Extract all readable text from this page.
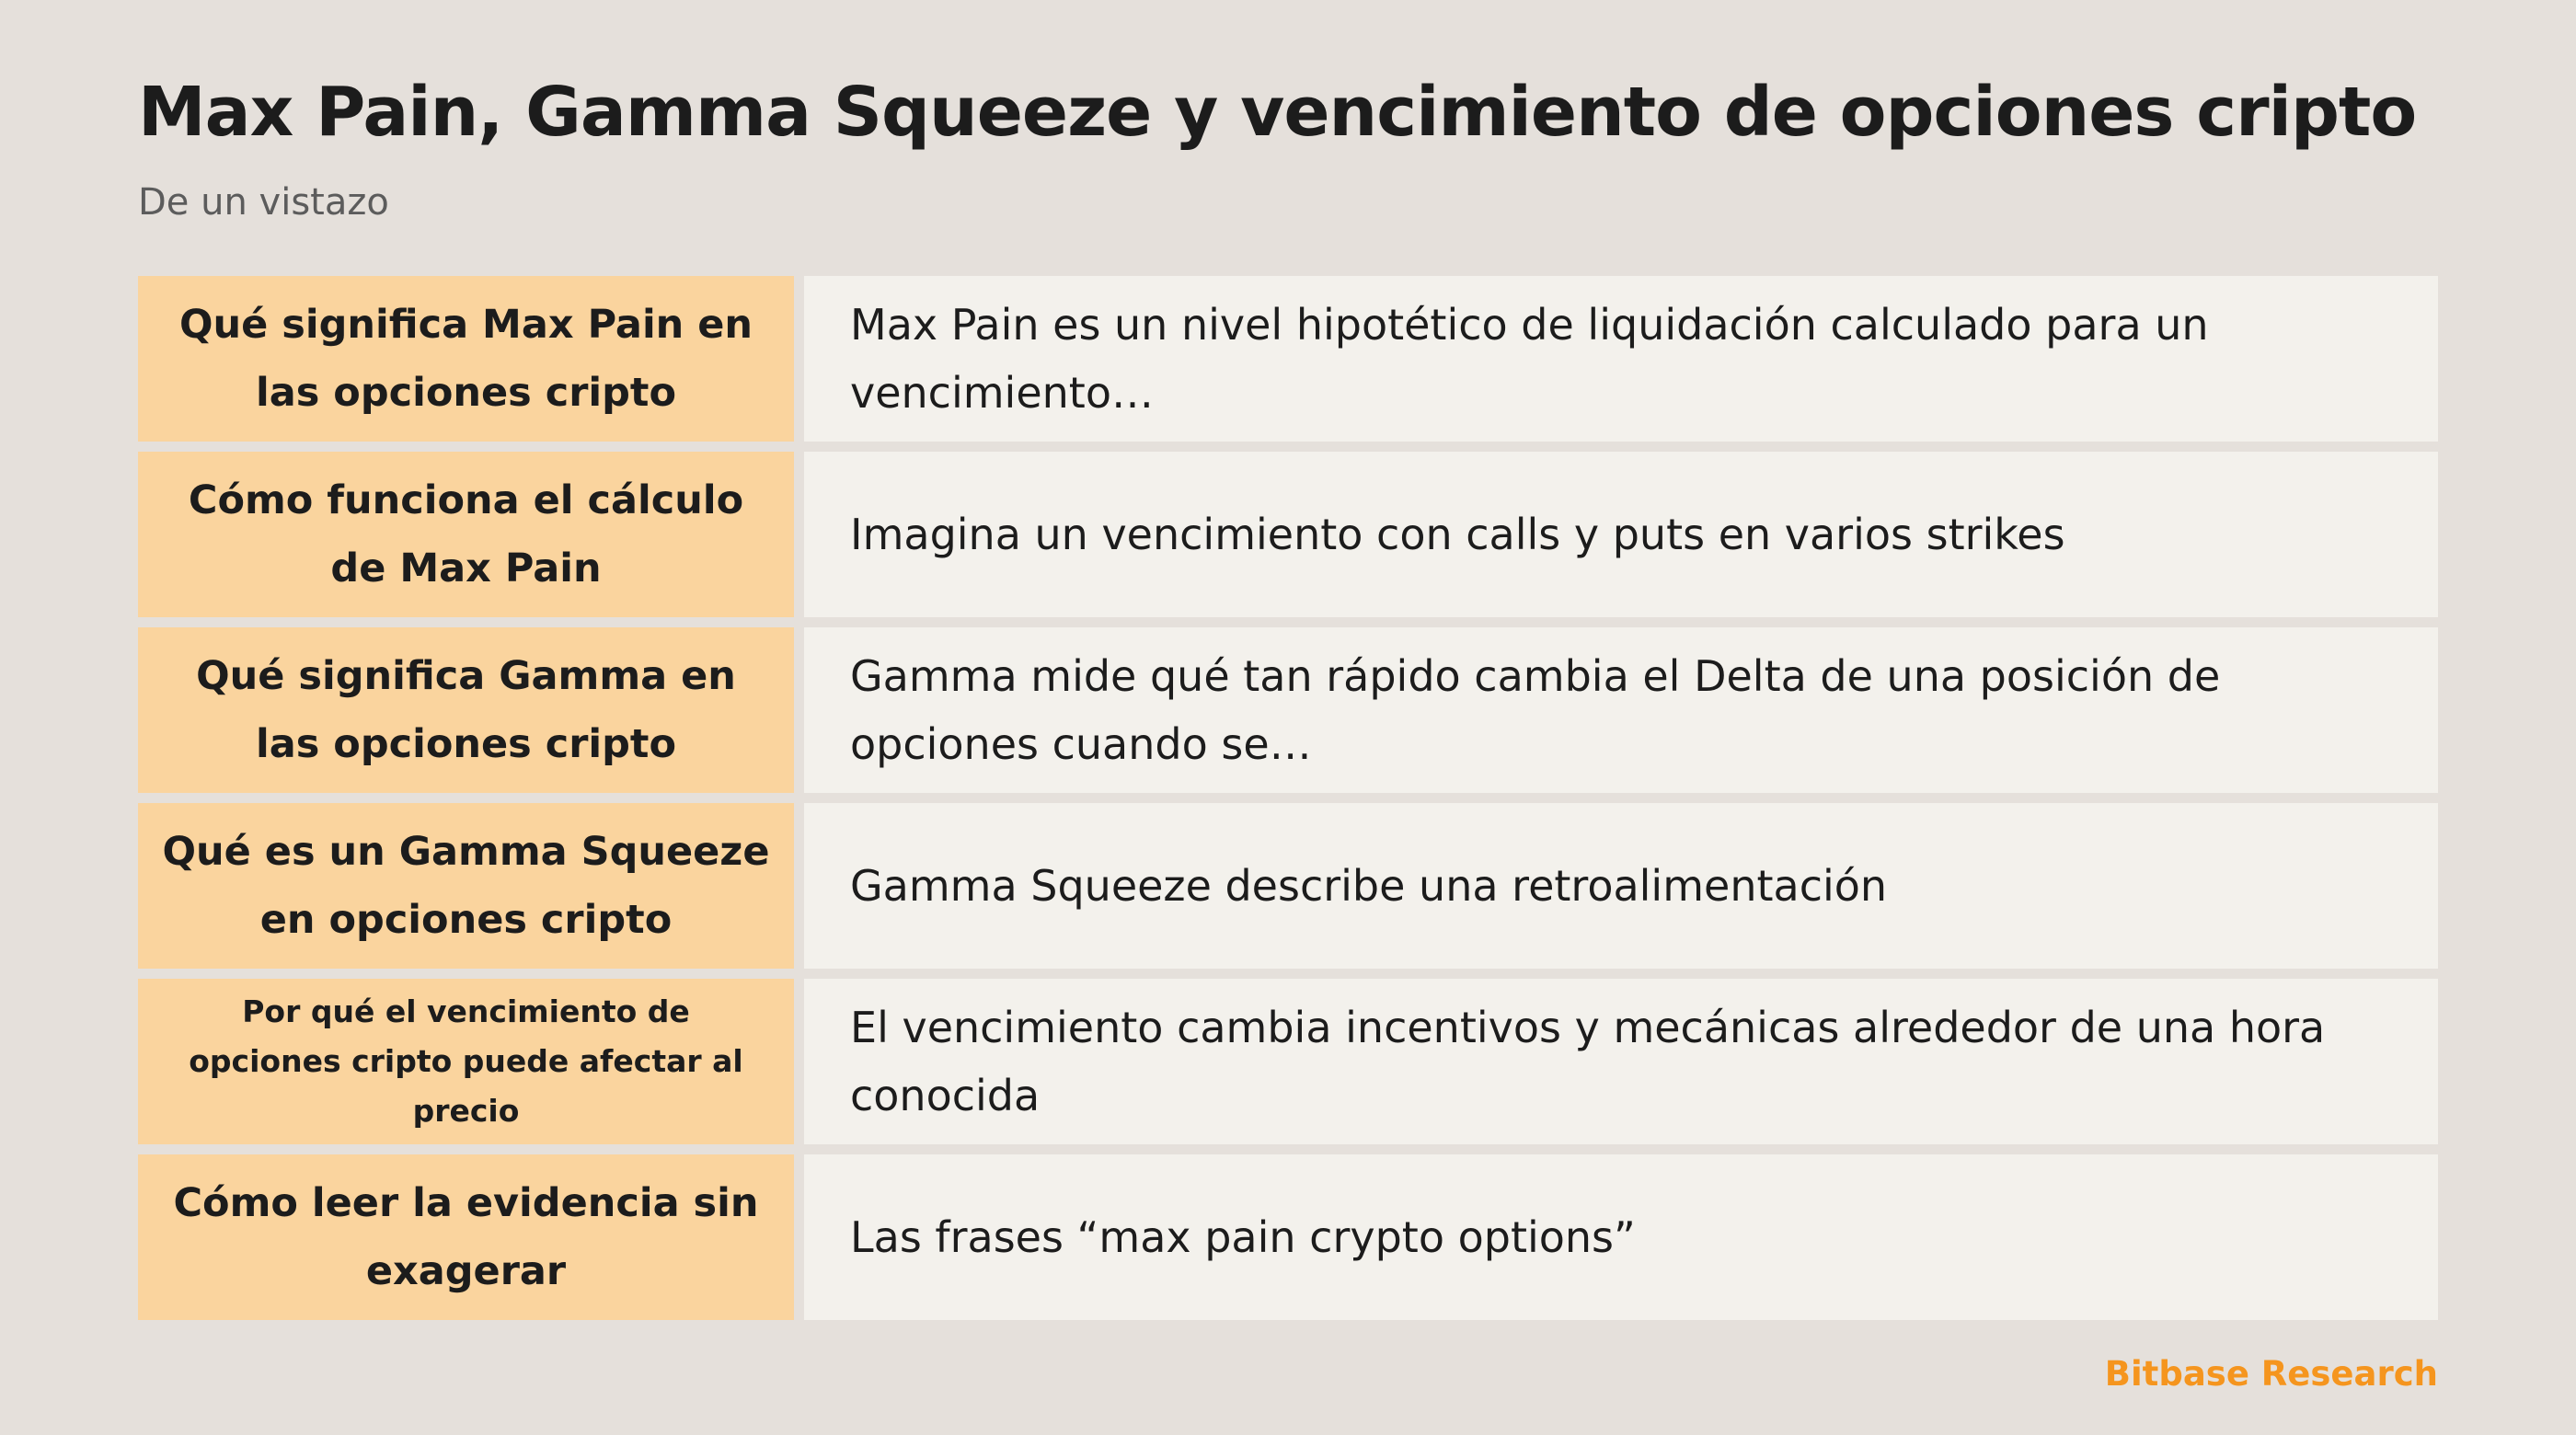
Max Pain, Gamma Squeeze y vencimiento de opciones cripto

De un vistazo

Qué significa Max Pain en las opciones cripto
Max Pain es un nivel hipotético de liquidación calculado para un vencimiento…
Cómo funciona el cálculo de Max Pain
Imagina un vencimiento con calls y puts en varios strikes
Qué significa Gamma en las opciones cripto
Gamma mide qué tan rápido cambia el Delta de una posición de opciones cuando se…
Qué es un Gamma Squeeze en opciones cripto
Gamma Squeeze describe una retroalimentación
Por qué el vencimiento de opciones cripto puede afectar al precio
El vencimiento cambia incentivos y mecánicas alrededor de una hora conocida
Cómo leer la evidencia sin exagerar
Las frases “max pain crypto options”

Bitbase Research
